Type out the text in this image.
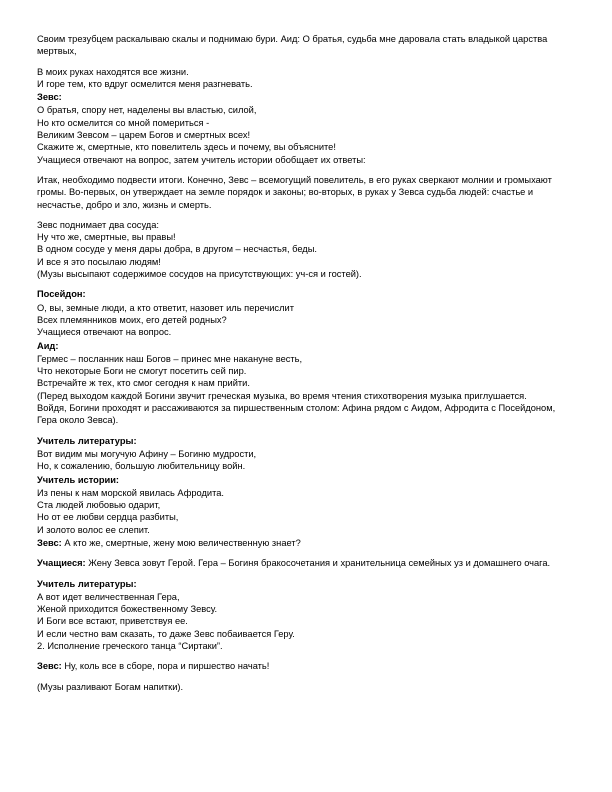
Своим трезубцем раскалываю скалы и поднимаю бури. Аид: О братья, судьба мне даровала стать владыкой царства мертвых,
В моих руках находятся все жизни.
И горе тем, кто вдруг осмелится меня разгневать.
Зевс:
О братья, спору нет, наделены вы властью, силой,
Но кто осмелится со мной помериться -
Великим Зевсом – царем Богов и смертных всех!
Скажите ж, смертные, кто повелитель здесь и почему, вы объясните!
Учащиеся отвечают на вопрос, затем учитель истории обобщает их ответы:
Итак, необходимо подвести итоги. Конечно, Зевс – всемогущий повелитель, в его руках сверкают молнии и громыхают громы. Во-первых, он утверждает на земле порядок и законы; во-вторых, в руках у Зевса судьба людей: счастье и несчастье, добро и зло, жизнь и смерть.
Зевс поднимает два сосуда:
Ну что же, смертные, вы правы!
В одном сосуде у меня дары добра, в другом – несчастья, беды.
И все я это посылаю людям!
(Музы высыпают содержимое сосудов на присутствующих: уч-ся и гостей).
Посейдон:
О, вы, земные люди, а кто ответит, назовет иль перечислит
Всех племянников моих, его детей родных?
Учащиеся отвечают на вопрос.
Аид:
Гермес – посланник наш Богов – принес мне накануне весть,
Что некоторые Боги не смогут посетить сей пир.
Встречайте ж тех, кто смог сегодня к нам прийти.
(Перед выходом каждой Богини звучит греческая музыка, во время чтения стихотворения музыка приглушается.
Войдя, Богини проходят и рассаживаются за пиршественным столом: Афина рядом с Аидом, Афродита с Посейдоном, Гера около Зевса).
Учитель литературы:
Вот видим мы могучую Афину – Богиню мудрости,
Но, к сожалению, большую любительницу войн.
Учитель истории:
Из пены к нам морской явилась Афродита.
Ста людей любовью одарит,
Но от ее любви сердца разбиты,
И золото волос ее слепит.
Зевс: А кто же, смертные, жену мою величественную знает?
Учащиеся: Жену Зевса зовут Герой. Гера – Богиня бракосочетания и хранительница семейных уз и домашнего очага.
Учитель литературы:
А вот идет величественная Гера,
Женой приходится божественному Зевсу.
И Боги все встают, приветствуя ее.
И если честно вам сказать, то даже Зевс побаивается Геру.
2. Исполнение греческого танца “Сиртаки”.
Зевс: Ну, коль все в сборе, пора и пиршество начать!
(Музы разливают Богам напитки).
